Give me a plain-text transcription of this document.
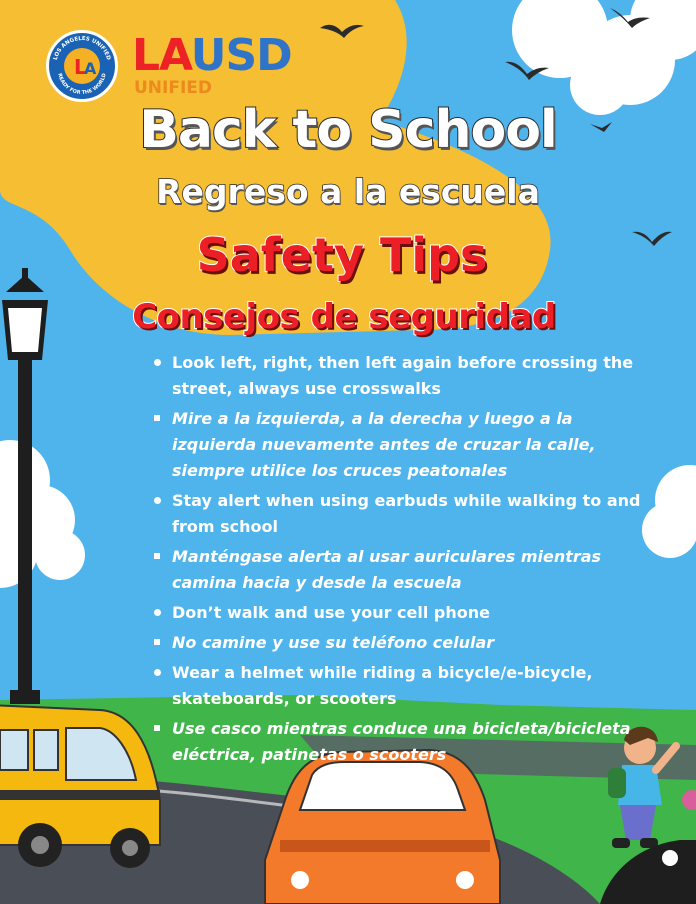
L
A
LOS ANGELES UNIFIED
READY FOR THE WORLD LAUSD
UNIFIED
Back to School
Regreso a la escuela
Safety Tips
Consejos de seguridad
Look left, right, then left again before crossing the street, always use crosswalks
Mire a la izquierda, a la derecha y luego a la izquierda nuevamente antes de cruzar la calle, siempre utilice los cruces peatonales
Stay alert when using earbuds while walking to and from school
Manténgase alerta al usar auriculares mientras camina hacia y desde la escuela
Don’t walk and use your cell phone
No camine y use su teléfono celular
Wear a helmet while riding a bicycle/e-bicycle, skateboards, or scooters
Use casco mientras conduce una bicicleta/bicicleta eléctrica, patinetas o scooters
